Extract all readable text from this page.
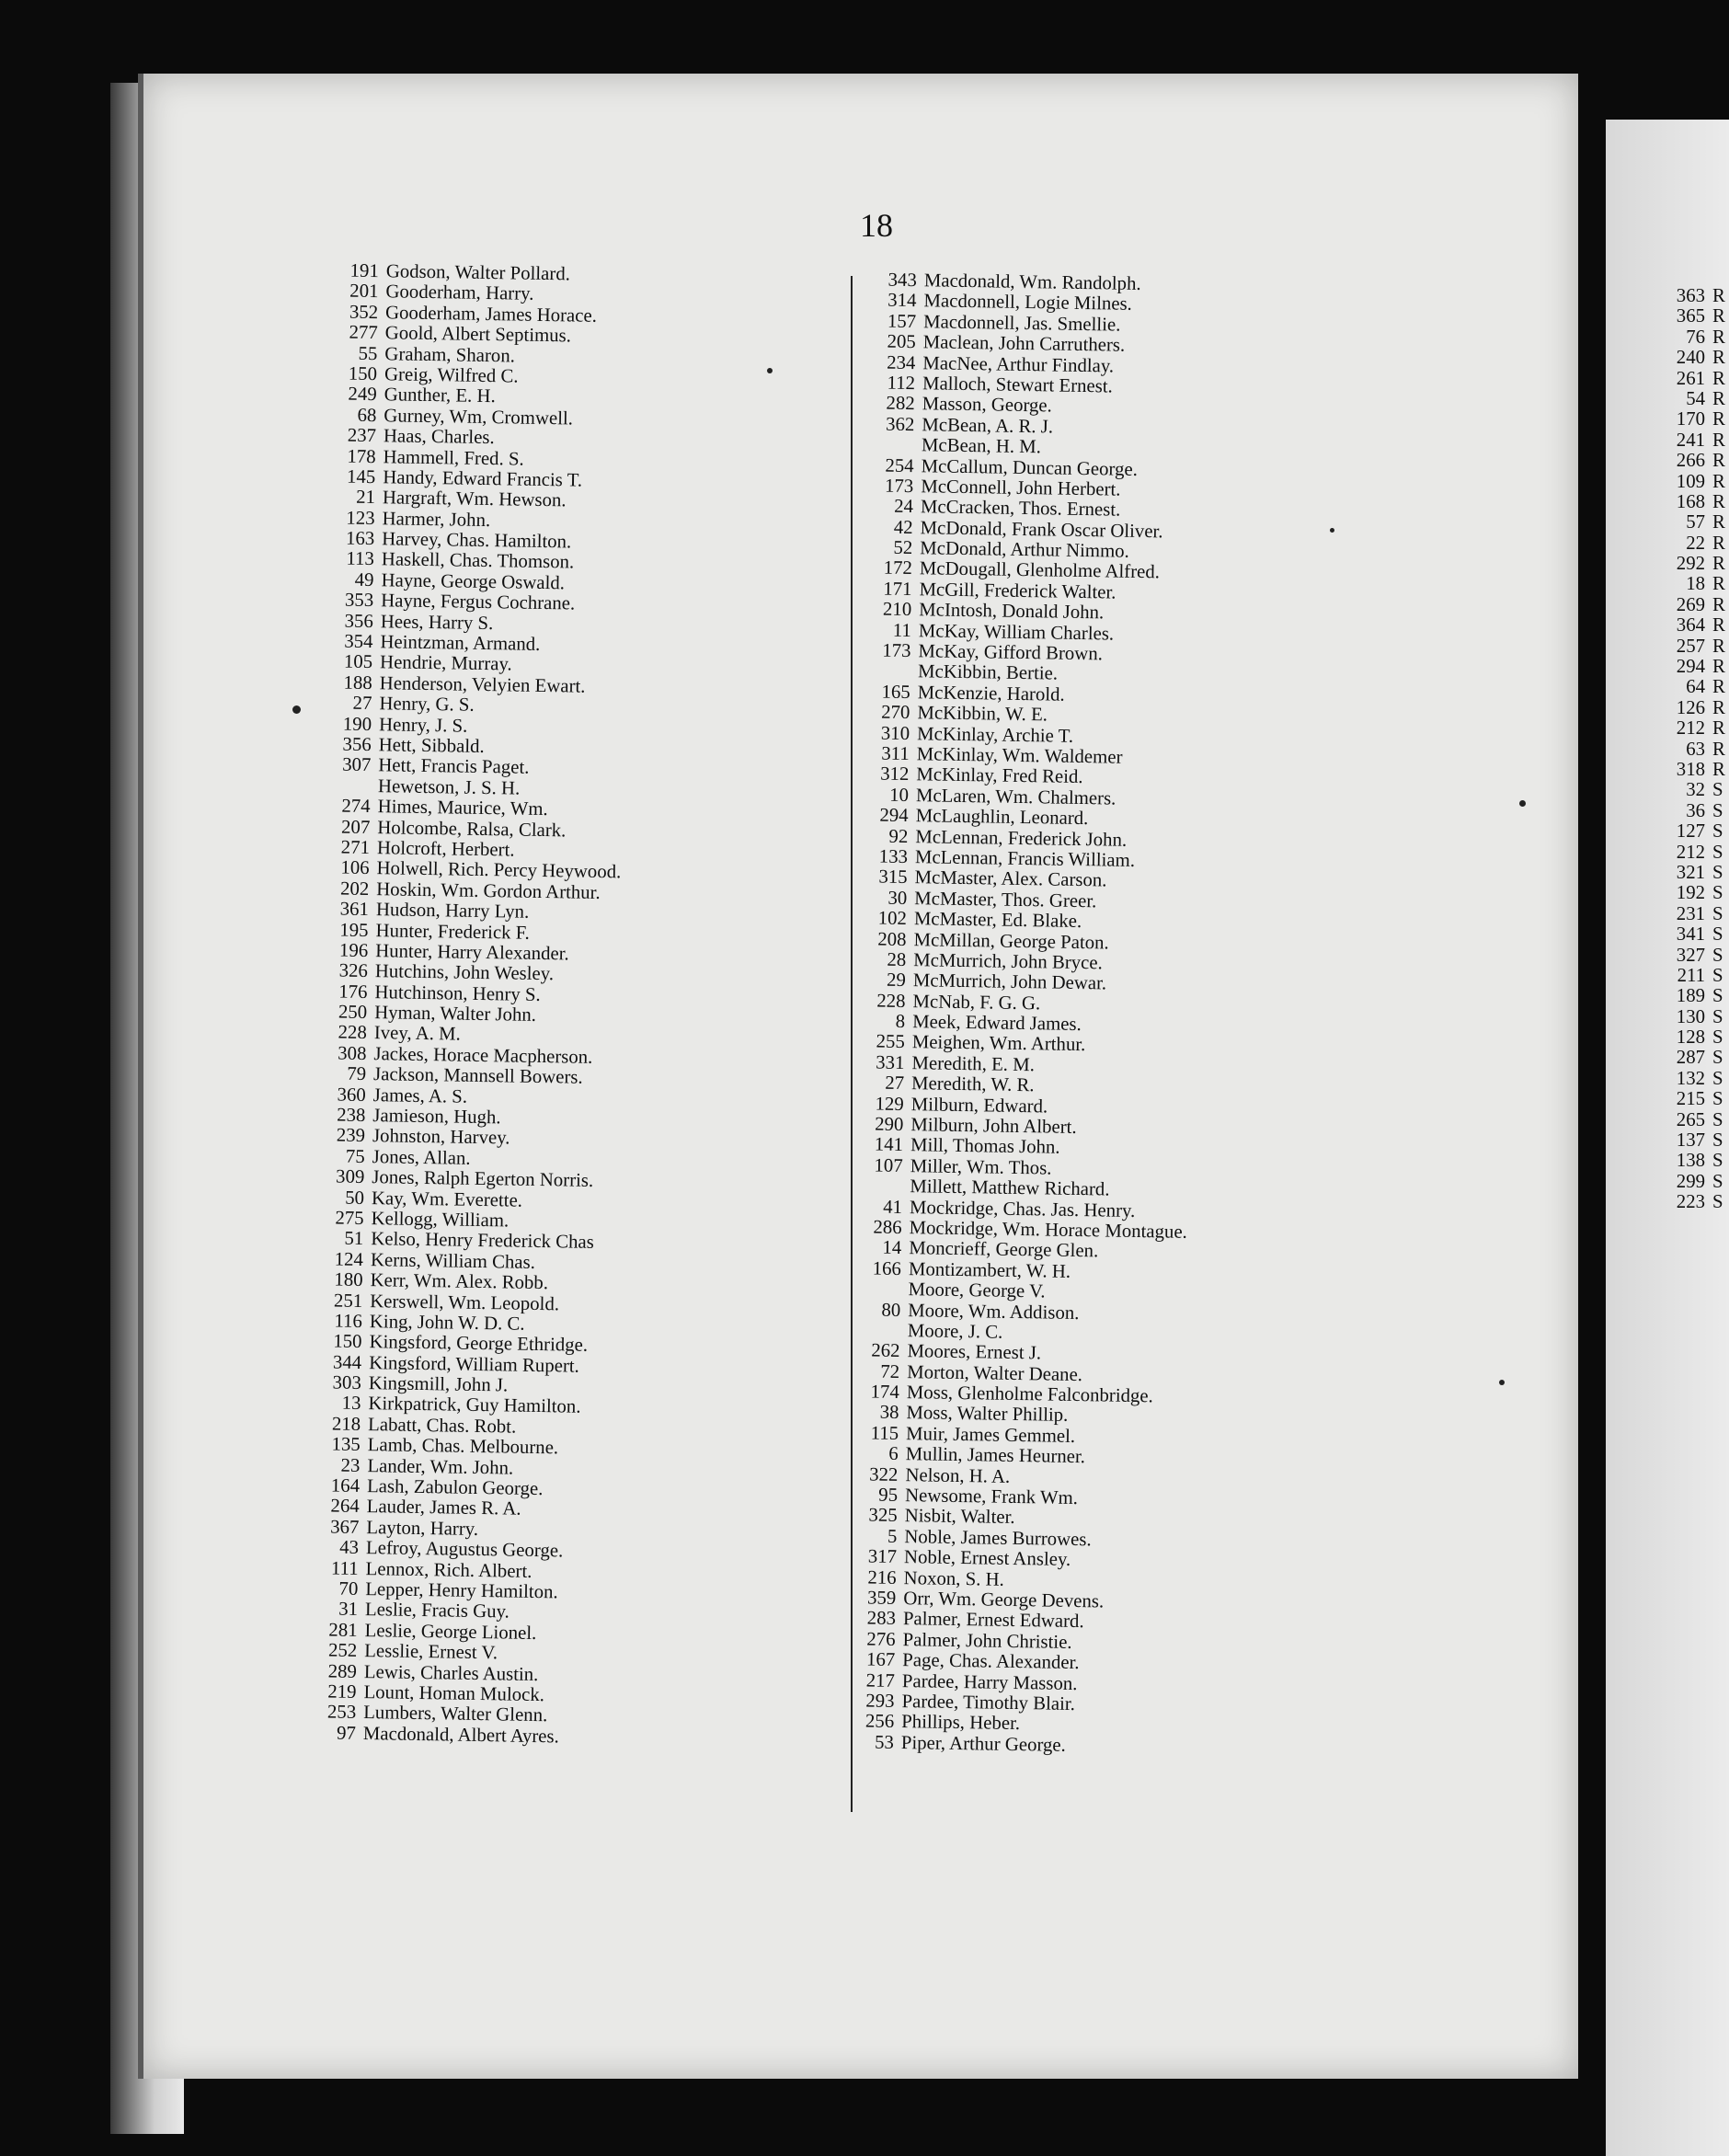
18
191 Godson, Walter Pollard.
201 Gooderham, Harry.
352 Gooderham, James Horace.
277 Goold, Albert Septimus.
55 Graham, Sharon.
150 Greig, Wilfred C.
249 Gunther, E. H.
68 Gurney, Wm, Cromwell.
237 Haas, Charles.
178 Hammell, Fred. S.
145 Handy, Edward Francis T.
21 Hargraft, Wm. Hewson.
123 Harmer, John.
163 Harvey, Chas. Hamilton.
113 Haskell, Chas. Thomson.
49 Hayne, George Oswald.
353 Hayne, Fergus Cochrane.
356 Hees, Harry S.
354 Heintzman, Armand.
105 Hendrie, Murray.
188 Henderson, Velyien Ewart.
27 Henry, G. S.
190 Henry, J. S.
356 Hett, Sibbald.
307 Hett, Francis Paget.
Hewetson, J. S. H.
274 Himes, Maurice, Wm.
207 Holcombe, Ralsa, Clark.
271 Holcroft, Herbert.
106 Holwell, Rich. Percy Heywood.
202 Hoskin, Wm. Gordon Arthur.
361 Hudson, Harry Lyn.
195 Hunter, Frederick F.
196 Hunter, Harry Alexander.
326 Hutchins, John Wesley.
176 Hutchinson, Henry S.
250 Hyman, Walter John.
228 Ivey, A. M.
308 Jackes, Horace Macpherson.
79 Jackson, Mannsell Bowers.
360 James, A. S.
238 Jamieson, Hugh.
239 Johnston, Harvey.
75 Jones, Allan.
309 Jones, Ralph Egerton Norris.
50 Kay, Wm. Everette.
275 Kellogg, William.
51 Kelso, Henry Frederick Chas
124 Kerns, William Chas.
180 Kerr, Wm. Alex. Robb.
251 Kerswell, Wm. Leopold.
116 King, John W. D. C.
150 Kingsford, George Ethridge.
344 Kingsford, William Rupert.
303 Kingsmill, John J.
13 Kirkpatrick, Guy Hamilton.
218 Labatt, Chas. Robt.
135 Lamb, Chas. Melbourne.
23 Lander, Wm. John.
164 Lash, Zabulon George.
264 Lauder, James R. A.
367 Layton, Harry.
43 Lefroy, Augustus George.
111 Lennox, Rich. Albert.
70 Lepper, Henry Hamilton.
31 Leslie, Fracis Guy.
281 Leslie, George Lionel.
252 Lesslie, Ernest V.
289 Lewis, Charles Austin.
219 Lount, Homan Mulock.
253 Lumbers, Walter Glenn.
97 Macdonald, Albert Ayres.
343 Macdonald, Wm. Randolph.
314 Macdonnell, Logie Milnes.
157 Macdonnell, Jas. Smellie.
205 Maclean, John Carruthers.
234 MacNee, Arthur Findlay.
112 Malloch, Stewart Ernest.
282 Masson, George.
362 McBean, A. R. J.
McBean, H. M.
254 McCallum, Duncan George.
173 McConnell, John Herbert.
24 McCracken, Thos. Ernest.
42 McDonald, Frank Oscar Oliver.
52 McDonald, Arthur Nimmo.
172 McDougall, Glenholme Alfred.
171 McGill, Frederick Walter.
210 McIntosh, Donald John.
11 McKay, William Charles.
173 McKay, Gifford Brown.
McKibbin, Bertie.
165 McKenzie, Harold.
270 McKibbin, W. E.
310 McKinlay, Archie T.
311 McKinlay, Wm. Waldemer
312 McKinlay, Fred Reid.
10 McLaren, Wm. Chalmers.
294 McLaughlin, Leonard.
92 McLennan, Frederick John.
133 McLennan, Francis William.
315 McMaster, Alex. Carson.
30 McMaster, Thos. Greer.
102 McMaster, Ed. Blake.
208 McMillan, George Paton.
28 McMurrich, John Bryce.
29 McMurrich, John Dewar.
228 McNab, F. G. G.
8 Meek, Edward James.
255 Meighen, Wm. Arthur.
331 Meredith, E. M.
27 Meredith, W. R.
129 Milburn, Edward.
290 Milburn, John Albert.
141 Mill, Thomas John.
107 Miller, Wm. Thos.
Millett, Matthew Richard.
41 Mockridge, Chas. Jas. Henry.
286 Mockridge, Wm. Horace Montague.
14 Moncrieff, George Glen.
166 Montizambert, W. H.
Moore, George V.
80 Moore, Wm. Addison.
Moore, J. C.
262 Moores, Ernest J.
72 Morton, Walter Deane.
174 Moss, Glenholme Falconbridge.
38 Moss, Walter Phillip.
115 Muir, James Gemmel.
6 Mullin, James Heurner.
322 Nelson, H. A.
95 Newsome, Frank Wm.
325 Nisbit, Walter.
5 Noble, James Burrowes.
317 Noble, Ernest Ansley.
216 Noxon, S. H.
359 Orr, Wm. George Devens.
283 Palmer, Ernest Edward.
276 Palmer, John Christie.
167 Page, Chas. Alexander.
217 Pardee, Harry Masson.
293 Pardee, Timothy Blair.
256 Phillips, Heber.
53 Piper, Arthur George.
363 R
365 R
76 R
240 R
261 R
54 R
170 R
241 R
266 R
109 R
168 R
57 R
22 R
292 R
18 R
269 R
364 R
257 R
294 R
64 R
126 R
212 R
63 R
318 R
32 S
36 S
127 S
212 S
321 S
192 S
231 S
341 S
327 S
211 S
189 S
130 S
128 S
287 S
132 S
215 S
265 S
137 S
138 S
299 S
223 S
